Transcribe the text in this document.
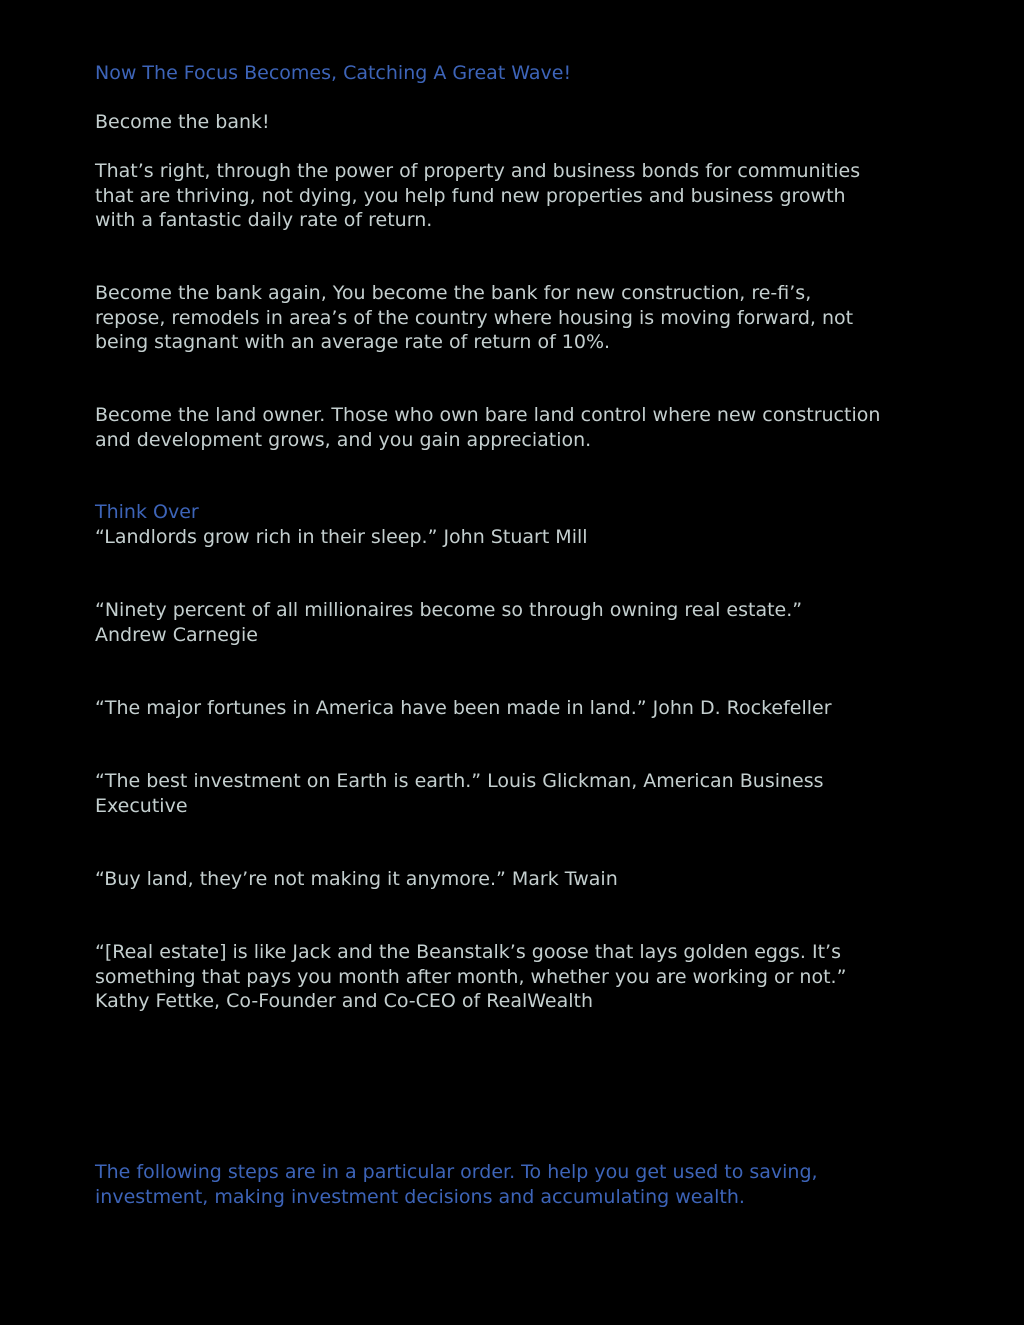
Now The Focus Becomes, Catching A Great Wave!

Become the bank!

That’s right, through the power of property and business bonds for communities
that are thriving, not dying, you help fund new properties and business growth
with a fantastic daily rate of return.

Become the bank again, You become the bank for new construction, re-fi’s,
repose, remodels in area’s of the country where housing is moving forward, not
being stagnant with an average rate of return of 10%.

Become the land owner. Those who own bare land control where new construction
and development grows, and you gain appreciation.

Think Over
“Landlords grow rich in their sleep.” John Stuart Mill

“Ninety percent of all millionaires become so through owning real estate.”
Andrew Carnegie

“The major fortunes in America have been made in land.” John D. Rockefeller

“The best investment on Earth is earth.” Louis Glickman, American Business
Executive

“Buy land, they’re not making it anymore.” Mark Twain

“[Real estate] is like Jack and the Beanstalk’s goose that lays golden eggs. It’s
something that pays you month after month, whether you are working or not.”
Kathy Fettke, Co-Founder and Co-CEO of RealWealth

The following steps are in a particular order. To help you get used to saving,
investment, making investment decisions and accumulating wealth.
